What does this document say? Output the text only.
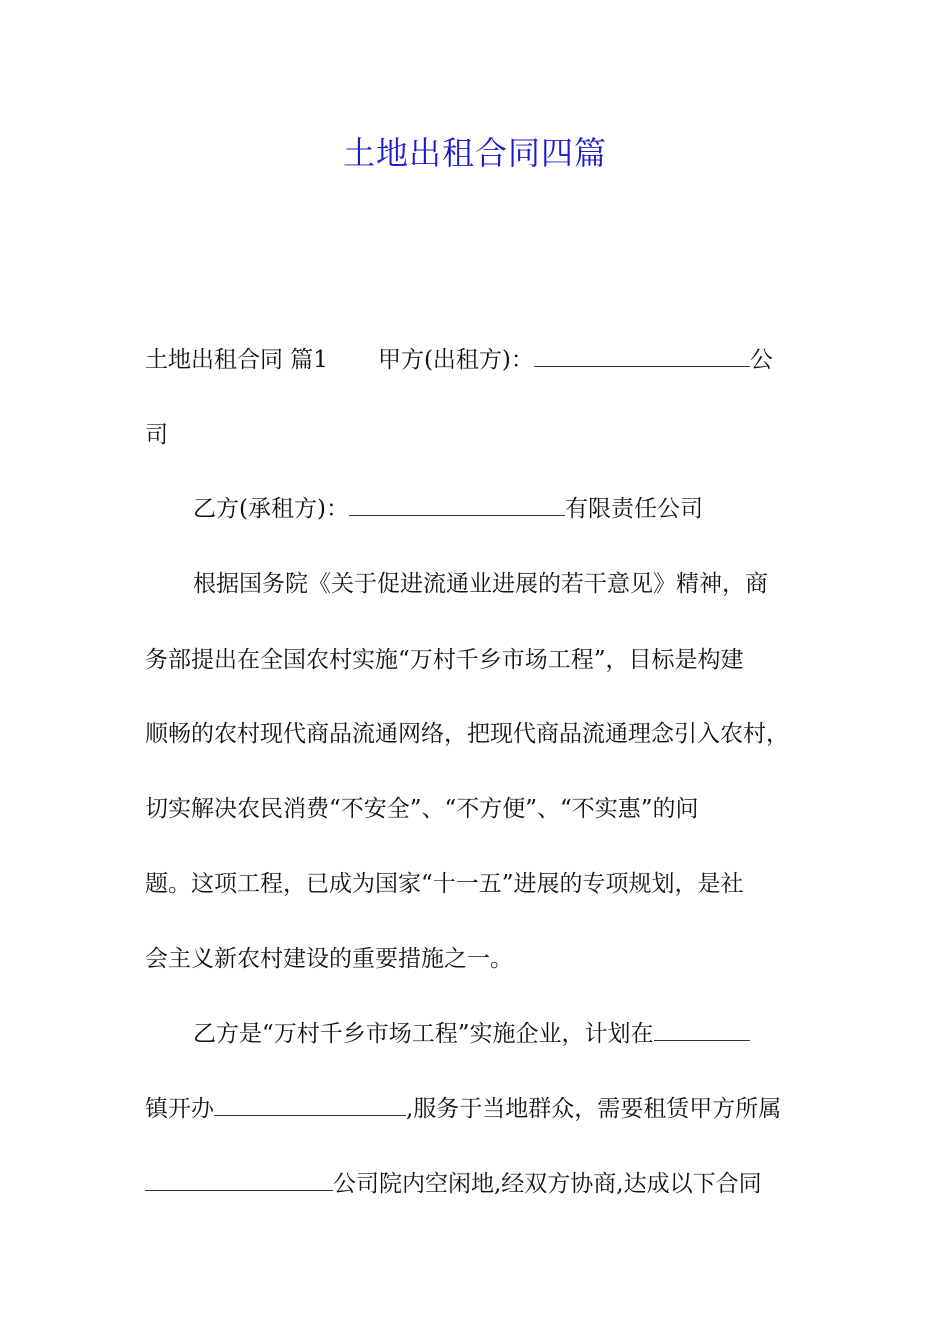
土地出租合同四篇
土地出租合同 篇1 甲方(出租方)：	公
司
乙方(承租方)：	有限责任公司
根据国务院《关于促进流通业进展的若干意见》精神，商
务部提出在全国农村实施“万村千乡市场工程”，目标是构建
顺畅的农村现代商品流通网络，把现代商品流通理念引入农村，
切实解决农民消费“不安全”、“不方便”、“不实惠”的问
题。这项工程，已成为国家“十一五”进展的专项规划，是社
会主义新农村建设的重要措施之一。
乙方是“万村千乡市场工程”实施企业，计划在
镇开办	,服务于当地群众，需要租赁甲方所属
公司院内空闲地,经双方协商,达成以下合同
